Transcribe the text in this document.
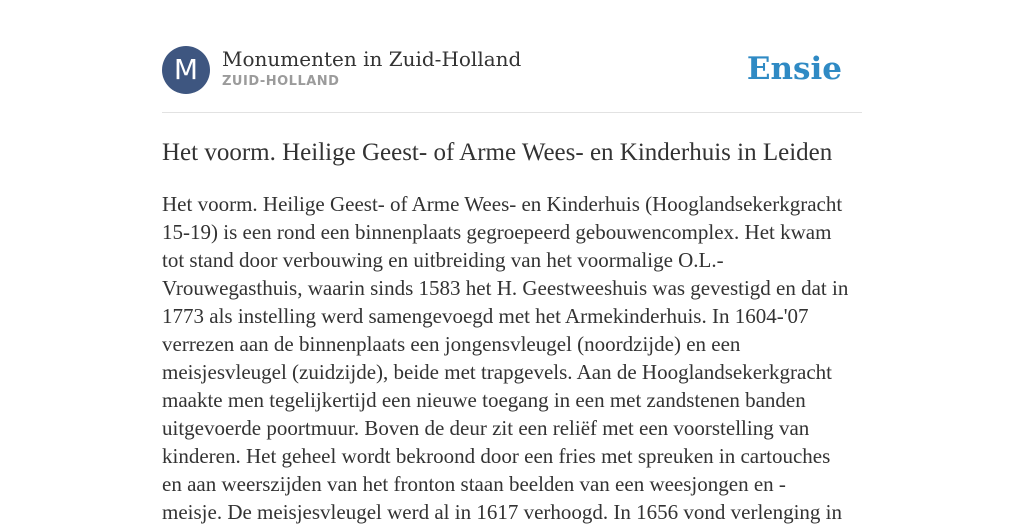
M	Monumenten in Zuid-Holland
ZUID-HOLLAND	Ensie
Het voorm. Heilige Geest- of Arme Wees- en Kinderhuis in Leiden
Het voorm. Heilige Geest- of Arme Wees- en Kinderhuis (Hooglandsekerkgracht
15-19) is een rond een binnenplaats gegroepeerd gebouwencomplex. Het kwam
tot stand door verbouwing en uitbreiding van het voormalige O.L.-
Vrouwegasthuis, waarin sinds 1583 het H. Geestweeshuis was gevestigd en dat in
1773 als instelling werd samengevoegd met het Armekinderhuis. In 1604-'07
verrezen aan de binnenplaats een jongensvleugel (noordzijde) en een
meisjesvleugel (zuidzijde), beide met trapgevels. Aan de Hooglandsekerkgracht
maakte men tegelijkertijd een nieuwe toegang in een met zandstenen banden
uitgevoerde poortmuur. Boven de deur zit een reliëf met een voorstelling van
kinderen. Het geheel wordt bekroond door een fries met spreuken in cartouches
en aan weerszijden van het fronton staan beelden van een weesjongen en -
meisje. De meisjesvleugel werd al in 1617 verhoogd. In 1656 vond verlenging in
